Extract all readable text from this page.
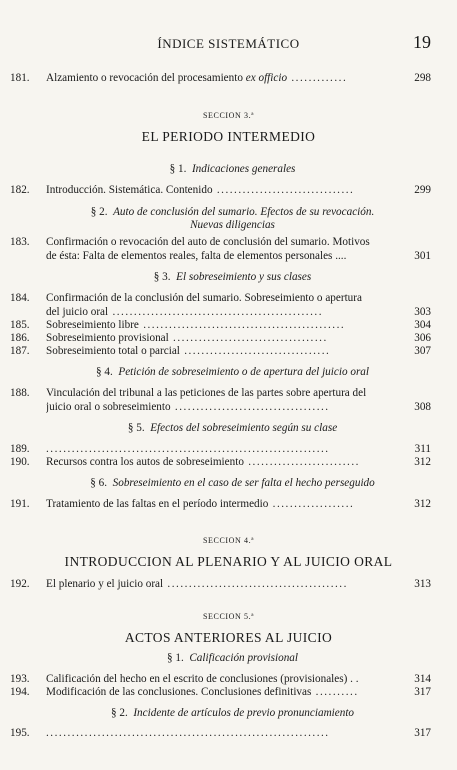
ÍNDICE SISTEMÁTICO	19
181. Alzamiento o revocación del procesamiento ex officio .............	298
SECCION 3.ª
EL PERIODO INTERMEDIO
§ 1. Indicaciones generales
182. Introducción. Sistemática. Contenido ................................	299
§ 2. Auto de conclusión del sumario. Efectos de su revocación.
Nuevas diligencias
183. Confirmación o revocación del auto de conclusión del sumario. Motivos
de ésta: Falta de elementos reales, falta de elementos personales ....	301
§ 3. El sobreseimiento y sus clases
184. Confirmación de la conclusión del sumario. Sobreseimiento o apertura
del juicio oral .................................................	303
185. Sobreseimiento libre ...............................................	304
186. Sobreseimiento provisional ....................................	306
187. Sobreseimiento total o parcial ..................................	307
§ 4. Petición de sobreseimiento o de apertura del juicio oral
188. Vinculación del tribunal a las peticiones de las partes sobre apertura del
juicio oral o sobreseimiento ....................................	308
§ 5. Efectos del sobreseimiento según su clase
189. ..................................................................	311
190. Recursos contra los autos de sobreseimiento ..........................	312
§ 6. Sobreseimiento en el caso de ser falta el hecho perseguido
191. Tratamiento de las faltas en el período intermedio ...................	312
SECCION 4.ª
INTRODUCCION AL PLENARIO Y AL JUICIO ORAL
192. El plenario y el juicio oral ..........................................	313
SECCION 5.ª
ACTOS ANTERIORES AL JUICIO
§ 1. Calificación provisional
193. Calificación del hecho en el escrito de conclusiones (provisionales) . .	314
194. Modificación de las conclusiones. Conclusiones definitivas ..........	317
§ 2. Incidente de artículos de previo pronunciamiento
195. ..................................................................	317
